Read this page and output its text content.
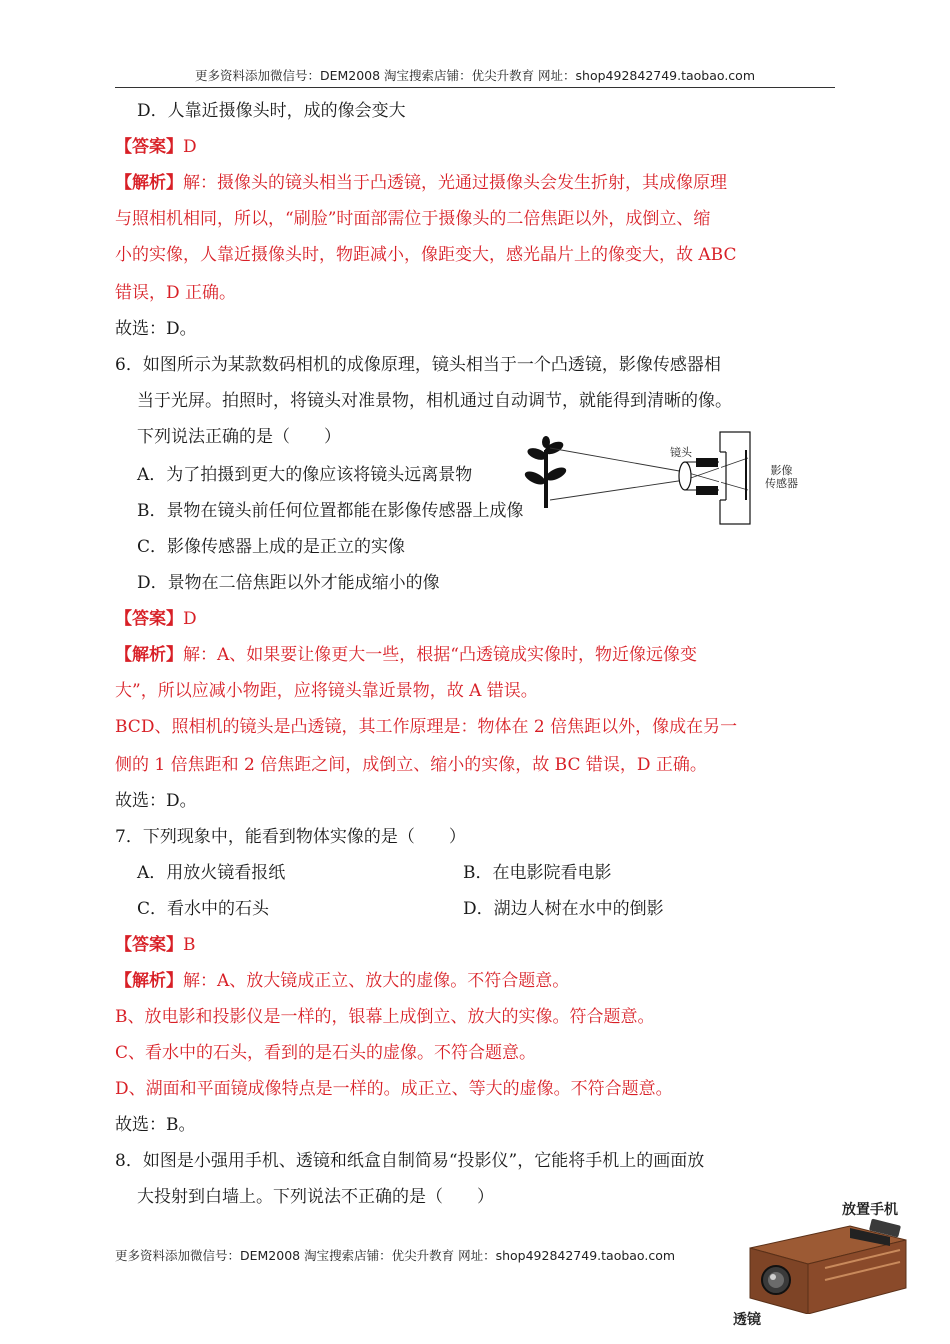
更多资料添加微信号：DEM2008 淘宝搜索店铺：优尖升教育 网址：shop492842749.taobao.com
D．人靠近摄像头时，成的像会变大
【答案】D
【解析】解：摄像头的镜头相当于凸透镜，光通过摄像头会发生折射，其成像原理
与照相机相同，所以，“刷脸”时面部需位于摄像头的二倍焦距以外，成倒立、缩
小的实像，人靠近摄像头时，物距减小，像距变大，感光晶片上的像变大，故 ABC
错误，D 正确。
故选：D。
6．如图所示为某款数码相机的成像原理，镜头相当于一个凸透镜，影像传感器相
当于光屏。拍照时，将镜头对准景物，相机通过自动调节，就能得到清晰的像。
下列说法正确的是（　　）
A．为了拍摄到更大的像应该将镜头远离景物
B．景物在镜头前任何位置都能在影像传感器上成像
C．影像传感器上成的是正立的实像
D．景物在二倍焦距以外才能成缩小的像
镜头
影像
传感器
【答案】D
【解析】解：A、如果要让像更大一些，根据“凸透镜成实像时，物近像远像变
大”，所以应减小物距，应将镜头靠近景物，故 A 错误。
BCD、照相机的镜头是凸透镜，其工作原理是：物体在 2 倍焦距以外，像成在另一
侧的 1 倍焦距和 2 倍焦距之间，成倒立、缩小的实像，故 BC 错误，D 正确。
故选：D。
7．下列现象中，能看到物体实像的是（　　）
A．用放火镜看报纸	B．在电影院看电影
C．看水中的石头	D．湖边人树在水中的倒影
【答案】B
【解析】解：A、放大镜成正立、放大的虚像。不符合题意。
B、放电影和投影仪是一样的，银幕上成倒立、放大的实像。符合题意。
C、看水中的石头，看到的是石头的虚像。不符合题意。
D、湖面和平面镜成像特点是一样的。成正立、等大的虚像。不符合题意。
故选：B。
8．如图是小强用手机、透镜和纸盒自制简易“投影仪”，它能将手机上的画面放
大投射到白墙上。下列说法不正确的是（　　）
放置手机
透镜
更多资料添加微信号：DEM2008 淘宝搜索店铺：优尖升教育 网址：shop492842749.taobao.com
